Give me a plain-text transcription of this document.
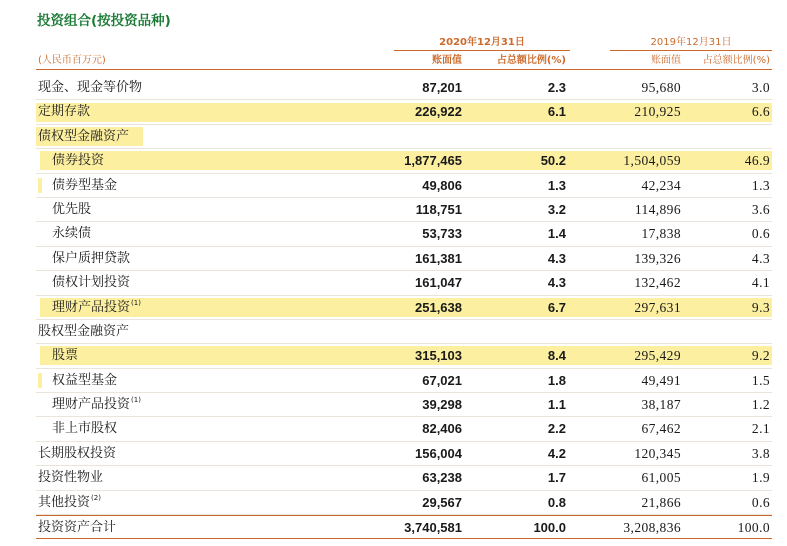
投资组合(按投资品种)
2020年12月31日	2019年12月31日
(人民币百万元)	账面值	占总额比例(%)	账面值	占总额比例(%)
现金、现金等价物	87,201	2.3	95,680	3.0
定期存款	226,922	6.1	210,925	6.6
债权型金融资产
债券投资	1,877,465	50.2	1,504,059	46.9
债券型基金	49,806	1.3	42,234	1.3
优先股	118,751	3.2	114,896	3.6
永续债	53,733	1.4	17,838	0.6
保户质押贷款	161,381	4.3	139,326	4.3
债权计划投资	161,047	4.3	132,462	4.1
理财产品投资$^{(1)}$	251,638	6.7	297,631	9.3
股权型金融资产
股票	315,103	8.4	295,429	9.2
权益型基金	67,021	1.8	49,491	1.5
理财产品投资$^{(1)}$	39,298	1.1	38,187	1.2
非上市股权	82,406	2.2	67,462	2.1
长期股权投资	156,004	4.2	120,345	3.8
投资性物业	63,238	1.7	61,005	1.9
其他投资$^{(2)}$	29,567	0.8	21,866	0.6
投资资产合计	3,740,581	100.0	3,208,836	100.0
